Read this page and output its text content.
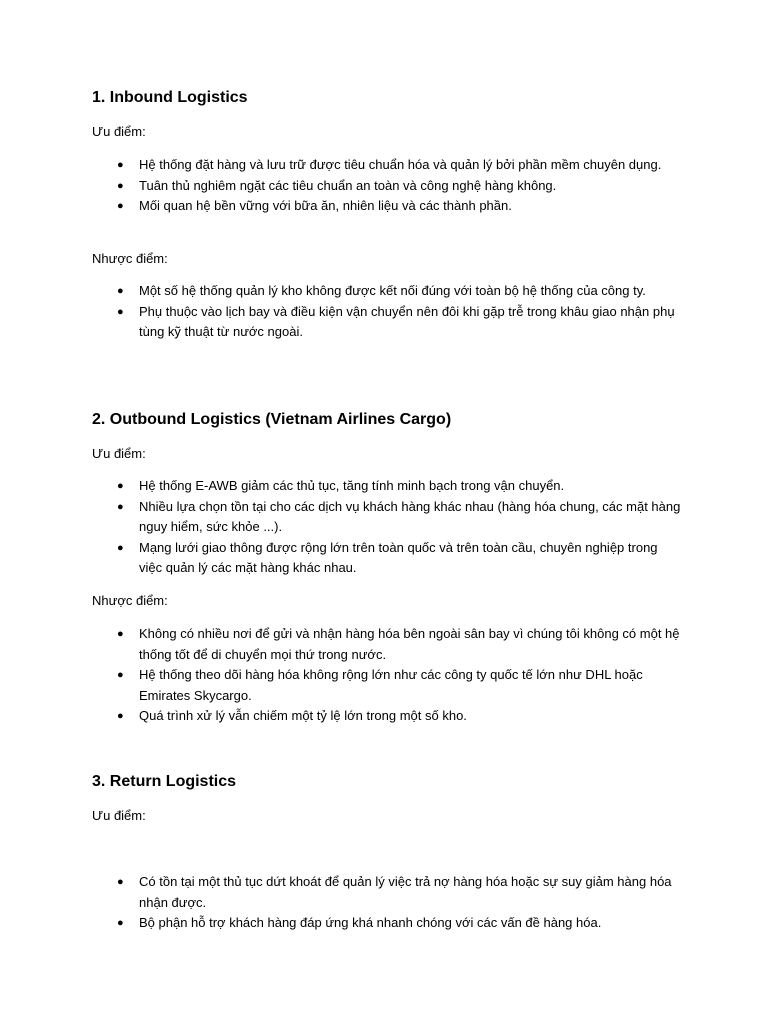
1. Inbound Logistics

Ưu điểm:

● Hệ thống đặt hàng và lưu trữ được tiêu chuẩn hóa và quản lý bởi phần mềm chuyên dụng.
● Tuân thủ nghiêm ngặt các tiêu chuẩn an toàn và công nghệ hàng không.
● Mối quan hệ bền vững với bữa ăn, nhiên liệu và các thành phần.

Nhược điểm:

● Một số hệ thống quản lý kho không được kết nối đúng với toàn bộ hệ thống của công ty.
● Phụ thuộc vào lịch bay và điều kiện vận chuyển nên đôi khi gặp trễ trong khâu giao nhận phụ tùng kỹ thuật từ nước ngoài.
2. Outbound Logistics (Vietnam Airlines Cargo)

Ưu điểm:

● Hệ thống E-AWB giảm các thủ tục, tăng tính minh bạch trong vận chuyển.
● Nhiều lựa chọn tồn tại cho các dịch vụ khách hàng khác nhau (hàng hóa chung, các mặt hàng nguy hiểm, sức khỏe ...).
● Mạng lưới giao thông được rộng lớn trên toàn quốc và trên toàn cầu, chuyên nghiệp trong việc quản lý các mặt hàng khác nhau.

Nhược điểm:

● Không có nhiều nơi để gửi và nhận hàng hóa bên ngoài sân bay vì chúng tôi không có một hệ thống tốt để di chuyển mọi thứ trong nước.
● Hệ thống theo dõi hàng hóa không rộng lớn như các công ty quốc tế lớn như DHL hoặc Emirates Skycargo.
● Quá trình xử lý vẫn chiếm một tỷ lệ lớn trong một số kho.
3. Return Logistics

Ưu điểm:

● Có tồn tại một thủ tục dứt khoát để quản lý việc trả nợ hàng hóa hoặc sự suy giảm hàng hóa nhận được.
● Bộ phận hỗ trợ khách hàng đáp ứng khá nhanh chóng với các vấn đề hàng hóa.
